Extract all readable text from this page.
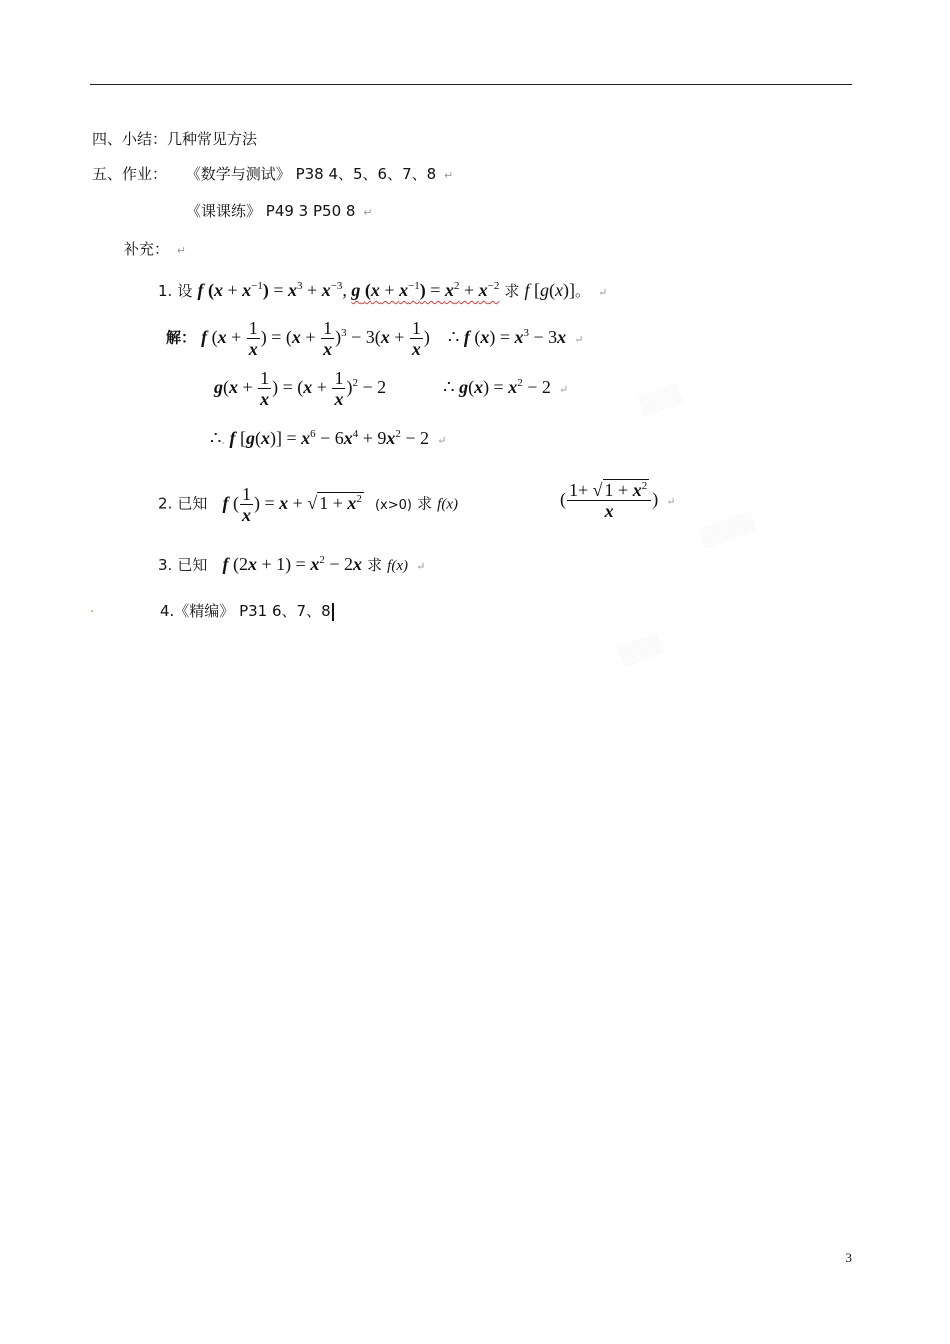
四、小结：几种常见方法
五、作业： 《数学与测试》 P38 4、5、6、7、8 ↵
《课课练》 P49 3 P50 8 ↵
补充： ↵
1. 设 f $(x + x^{-1}) = x^3 + x^{-3}$, g $(x + x^{-1}) = x^2 + x^{-2}$ 求 f [g(x)]。 ↵
解： f ($x + \frac{1}{x}$ ) = $(x + \frac{1}{x} )^3 - 3(x + \frac{1}{x}$ )    ∴ f $(x) = x^3 - 3x$ ↵
$g(x + \frac{1}{x}$ ) = $(x + \frac{1}{x} )^2 - 2$	∴ $g(x) = x^2 - 2$ ↵
∴. f $[g(x)] = x^6 - 6x^4 + 9x^2 - 2$ ↵
2. 已知 f ( $\frac{1}{x}$ ) = x + √ $1 + x^2$ (x>0) 求 f(x)	( $\frac{1+ √ 1 + x^2}{x}$ ) ↵
3. 已知 f $(2x + 1) = x^2 - 2x$ 求 f(x) ↵
.	4.《精编》 P31 6、7、8
3
